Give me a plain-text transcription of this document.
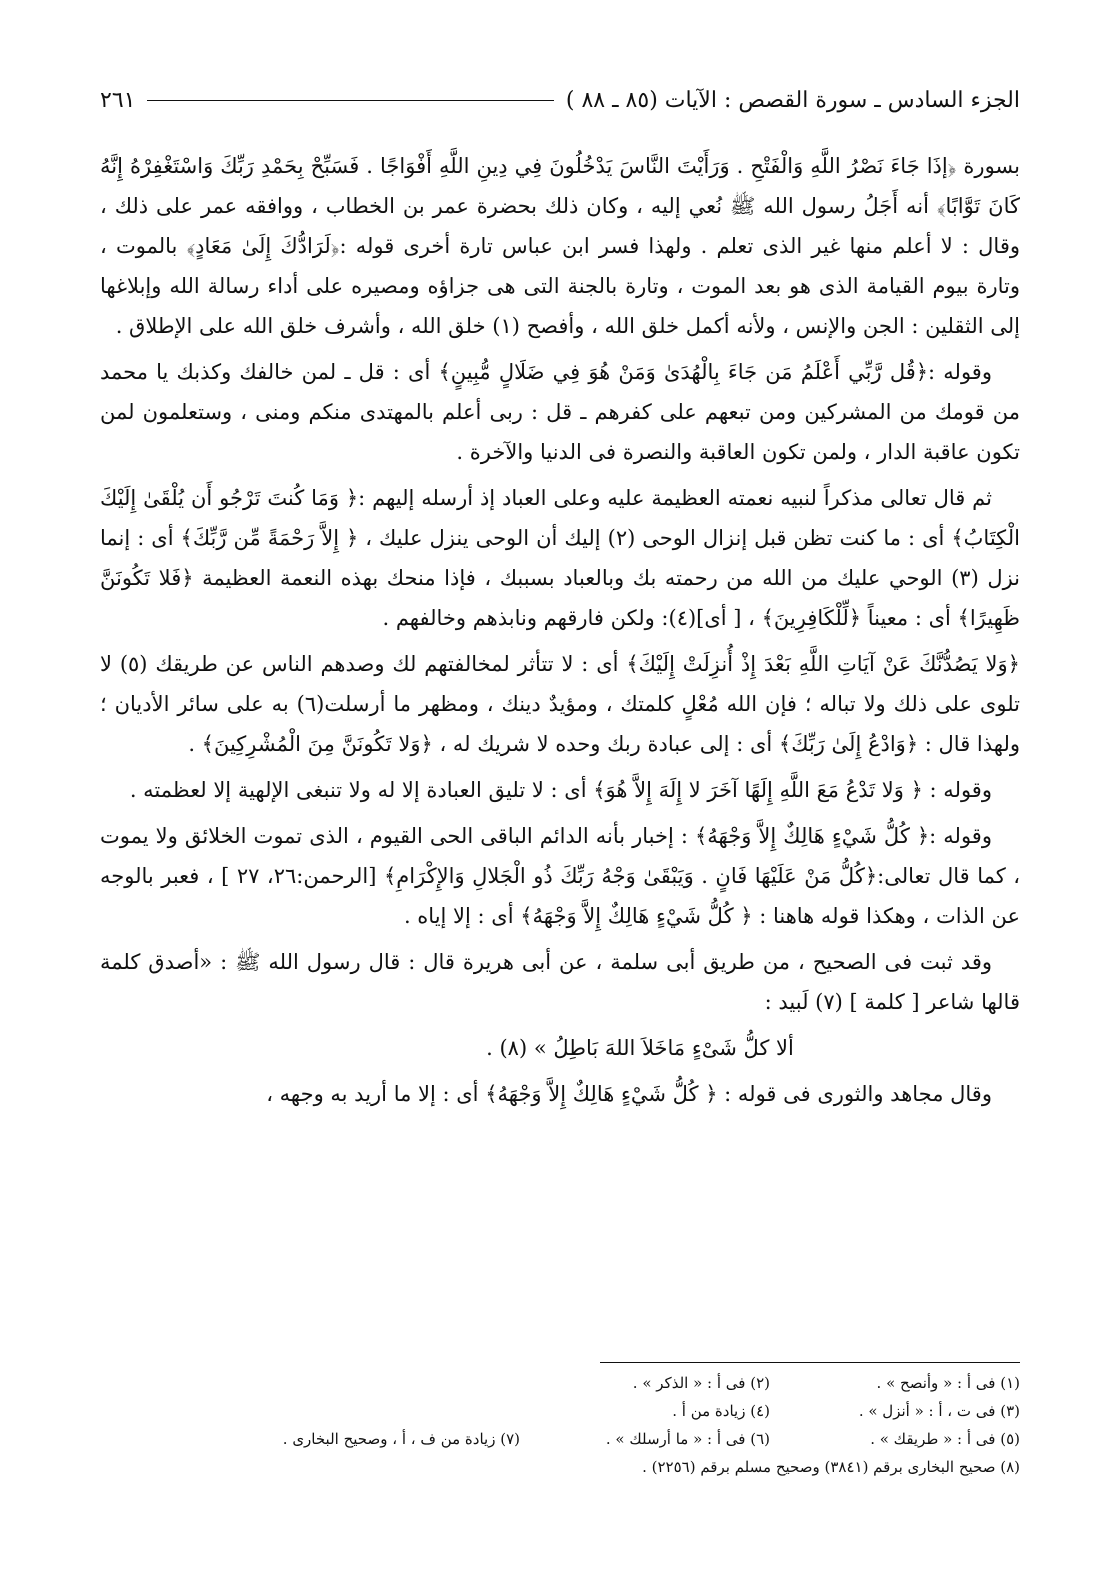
الجزء السادس ـ سورة القصص : الآيات (٨٥ ـ ٨٨ )
٢٦١

بسورة ﴿إذَا جَاءَ نَصْرُ اللَّهِ وَالْفَتْحِ . وَرَأَيْتَ النَّاسَ يَدْخُلُونَ فِي دِينِ اللَّهِ أَفْوَاجًا . فَسَبِّحْ بِحَمْدِ رَبِّكَ وَاسْتَغْفِرْهُ إِنَّهُ كَانَ تَوَّابًا﴾ أنه أَجَلُ رسول الله ﷺ نُعي إليه ، وكان ذلك بحضرة عمر بن الخطاب ، ووافقه عمر على ذلك ، وقال : لا أعلم منها غير الذى تعلم . ولهذا فسر ابن عباس تارة أخرى قوله :﴿لَرَادُّكَ إِلَىٰ مَعَادٍ﴾ بالموت ، وتارة بيوم القيامة الذى هو بعد الموت ، وتارة بالجنة التى هى جزاؤه ومصيره على أداء رسالة الله وإبلاغها إلى الثقلين : الجن والإنس ، ولأنه أكمل خلق الله ، وأفصح (١) خلق الله ، وأشرف خلق الله على الإطلاق .

وقوله :﴿قُل رَّبِّي أَعْلَمُ مَن جَاءَ بِالْهُدَىٰ وَمَنْ هُوَ فِي ضَلَالٍ مُّبِينٍ﴾ أى : قل ـ لمن خالفك وكذبك يا محمد من قومك من المشركين ومن تبعهم على كفرهم ـ قل : ربى أعلم بالمهتدى منكم ومنى ، وستعلمون لمن تكون عاقبة الدار ، ولمن تكون العاقبة والنصرة فى الدنيا والآخرة .

ثم قال تعالى مذكراً لنبيه نعمته العظيمة عليه وعلى العباد إذ أرسله إليهم :﴿ وَمَا كُنتَ تَرْجُو أَن يُلْقَىٰ إِلَيْكَ الْكِتَابُ﴾ أى : ما كنت تظن قبل إنزال الوحى (٢) إليك أن الوحى ينزل عليك ، ﴿ إِلاَّ رَحْمَةً مِّن رَّبِّكَ﴾ أى : إنما نزل (٣) الوحي عليك من الله من رحمته بك وبالعباد بسببك ، فإذا منحك بهذه النعمة العظيمة ﴿فَلا تَكُونَنَّ ظَهِيرًا﴾ أى : معيناً ﴿لِّلْكَافِرِينَ﴾ ، [ أى](٤): ولكن فارقهم ونابذهم وخالفهم .

﴿وَلا يَصُدُّنَّكَ عَنْ آيَاتِ اللَّهِ بَعْدَ إِذْ أُنزِلَتْ إِلَيْكَ﴾ أى : لا تتأثر لمخالفتهم لك وصدهم الناس عن طريقك (٥) لا تلوى على ذلك ولا تباله ؛ فإن الله مُعْلٍ كلمتك ، ومؤيدٌ دينك ، ومظهر ما أرسلت(٦) به على سائر الأديان ؛ ولهذا قال : ﴿وَادْعُ إِلَىٰ رَبِّكَ﴾ أى : إلى عبادة ربك وحده لا شريك له ، ﴿وَلا تَكُونَنَّ مِنَ الْمُشْرِكِينَ﴾ .

وقوله : ﴿ وَلا تَدْعُ مَعَ اللَّهِ إِلَهًا آخَرَ لا إِلَهَ إِلاَّ هُوَ﴾ أى : لا تليق العبادة إلا له ولا تنبغى الإلهية إلا لعظمته .

وقوله :﴿ كُلُّ شَيْءٍ هَالِكٌ إِلاَّ وَجْهَهُ﴾ : إخبار بأنه الدائم الباقى الحى القيوم ، الذى تموت الخلائق ولا يموت ، كما قال تعالى:﴿كُلُّ مَنْ عَلَيْهَا فَانٍ . وَيَبْقَىٰ وَجْهُ رَبِّكَ ذُو الْجَلالِ وَالإِكْرَامِ﴾ [الرحمن:٢٦، ٢٧ ] ، فعبر بالوجه عن الذات ، وهكذا قوله هاهنا : ﴿ كُلُّ شَيْءٍ هَالِكٌ إِلاَّ وَجْهَهُ﴾ أى : إلا إياه .

وقد ثبت فى الصحيح ، من طريق أبى سلمة ، عن أبى هريرة قال : قال رسول الله ﷺ : «أصدق كلمة قالها شاعر [ كلمة ] (٧) لَبيد :

ألا كلُّ شَىْءٍ مَاخَلاَ اللهَ بَاطِلُ » (٨) .

وقال مجاهد والثورى فى قوله : ﴿ كُلُّ شَيْءٍ هَالِكٌ إِلاَّ وَجْهَهُ﴾ أى : إلا ما أريد به وجهه ،

(١) فى أ : « وأنصح » .
(٢) فى أ : « الذكر » .
(٣) فى ت ، أ : « أنزل » .
(٤) زيادة من أ .
(٥) فى أ : « طريقك » .
(٦) فى أ : « ما أرسلك » .
(٧) زيادة من ف ، أ ، وصحيح البخارى .
(٨) صحيح البخارى برقم (٣٨٤١) وصحيح مسلم برقم (٢٢٥٦) .
